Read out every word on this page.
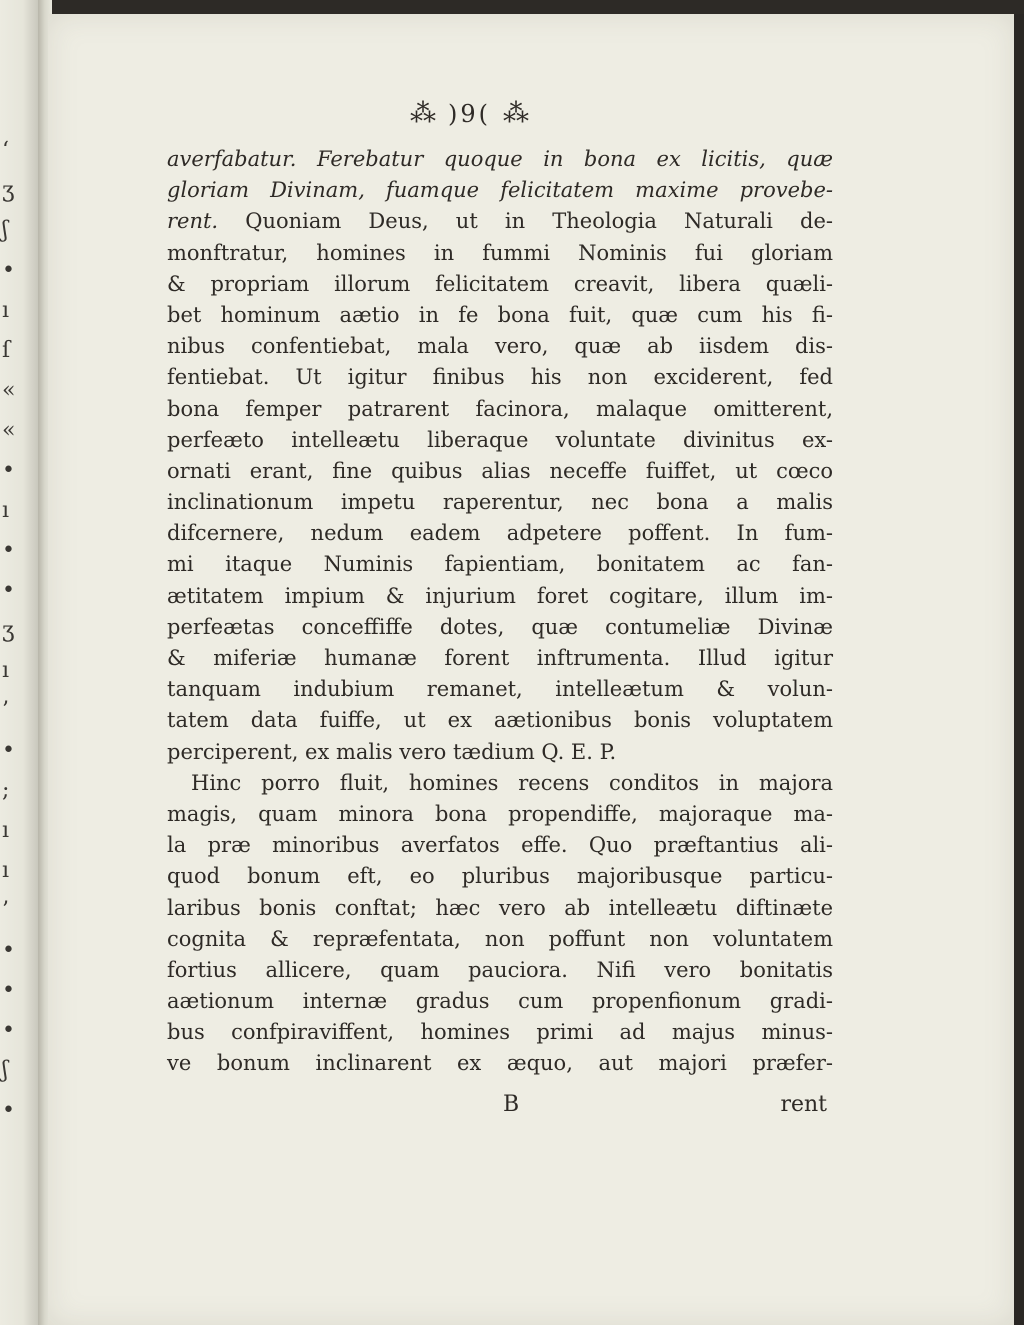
‘
ʒ
ʃ
•
ı
ſ
«
«
•
ı
•
•
ʒ
ı
’
•
;
ı
ı
’
•
•
•
ʃ
•
⁂ )9( ⁂
averfabatur. Ferebatur quoque in bona ex licitis, quæ
gloriam Divinam, fuamque felicitatem maxime provebe-
rent. Quoniam Deus, ut in Theologia Naturali de-
monftratur, homines in fummi Nominis fui gloriam
& propriam illorum felicitatem creavit, libera quæli-
bet hominum aætio in fe bona fuit, quæ cum his fi-
nibus confentiebat, mala vero, quæ ab iisdem dis-
fentiebat. Ut igitur finibus his non exciderent, fed
bona femper patrarent facinora, malaque omitterent,
perfeæto intelleætu liberaque voluntate divinitus ex-
ornati erant, fine quibus alias neceffe fuiffet, ut cœco
inclinationum impetu raperentur, nec bona a malis
difcernere, nedum eadem adpetere poffent. In fum-
mi itaque Numinis fapientiam, bonitatem ac fan-
ætitatem impium & injurium foret cogitare, illum im-
perfeætas conceffiffe dotes, quæ contumeliæ Divinæ
& miferiæ humanæ forent inftrumenta. Illud igitur
tanquam indubium remanet, intelleætum & volun-
tatem data fuiffe, ut ex aætionibus bonis voluptatem
perciperent, ex malis vero tædium Q. E. P.
Hinc porro fluit, homines recens conditos in majora
magis, quam minora bona propendiffe, majoraque ma-
la præ minoribus averfatos effe. Quo præftantius ali-
quod bonum eft, eo pluribus majoribusque particu-
laribus bonis conftat; hæc vero ab intelleætu diftinæte
cognita & repræfentata, non poffunt non voluntatem
fortius allicere, quam pauciora. Nifi vero bonitatis
aætionum internæ gradus cum propenfionum gradi-
bus confpiraviffent, homines primi ad majus minus-
ve bonum inclinarent ex æquo, aut majori præfer-
B	rent
